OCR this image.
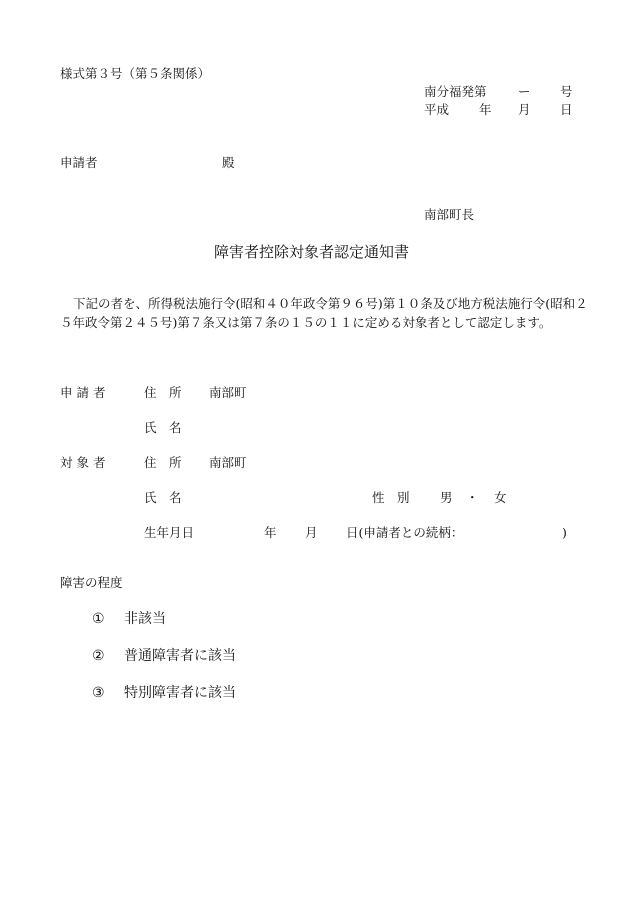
様式第３号（第５条関係）
南分福発第	ー 号
平成 年 月 日
申請者	殿
南部町長
障害者控除対象者認定通知書
下記の者を、所得税法施行令(昭和４０年政令第９６号)第１０条及び地方税法施行令(昭和２５年政令第２４５号)第７条又は第７条の１５の１１に定める対象者として認定します。
申 請 者	住　所 南部町
氏　名
対 象 者	住　所 南部町
氏　名	性　別 男 ・ 女
生年月日	年 月 日(申請者との続柄：	)
障害の程度
① 非該当
② 普通障害者に該当
③ 特別障害者に該当
